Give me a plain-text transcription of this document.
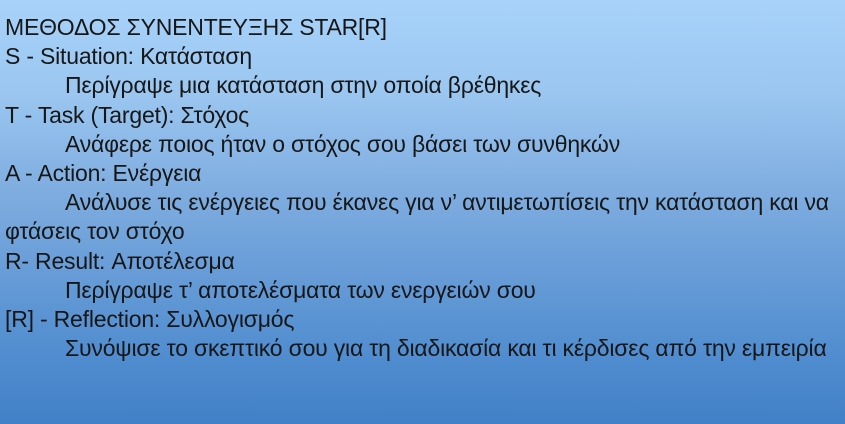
ΜΕΘΟΔΟΣ ΣΥΝΕΝΤΕΥΞΗΣ STAR[R]

S - Situation: Κατάσταση

Περίγραψε μια κατάσταση στην οποία βρέθηκες

T - Task (Target): Στόχος

Ανάφερε ποιος ήταν ο στόχος σου βάσει των συνθηκών

A - Action: Ενέργεια

Ανάλυσε τις ενέργειες που έκανες για ν’ αντιμετωπίσεις την κατάσταση και να φτάσεις τον στόχο

R- Result: Αποτέλεσμα

Περίγραψε τ’ αποτελέσματα των ενεργειών σου

[R] - Reflection: Συλλογισμός

Συνόψισε το σκεπτικό σου για τη διαδικασία και τι κέρδισες από την εμπειρία
